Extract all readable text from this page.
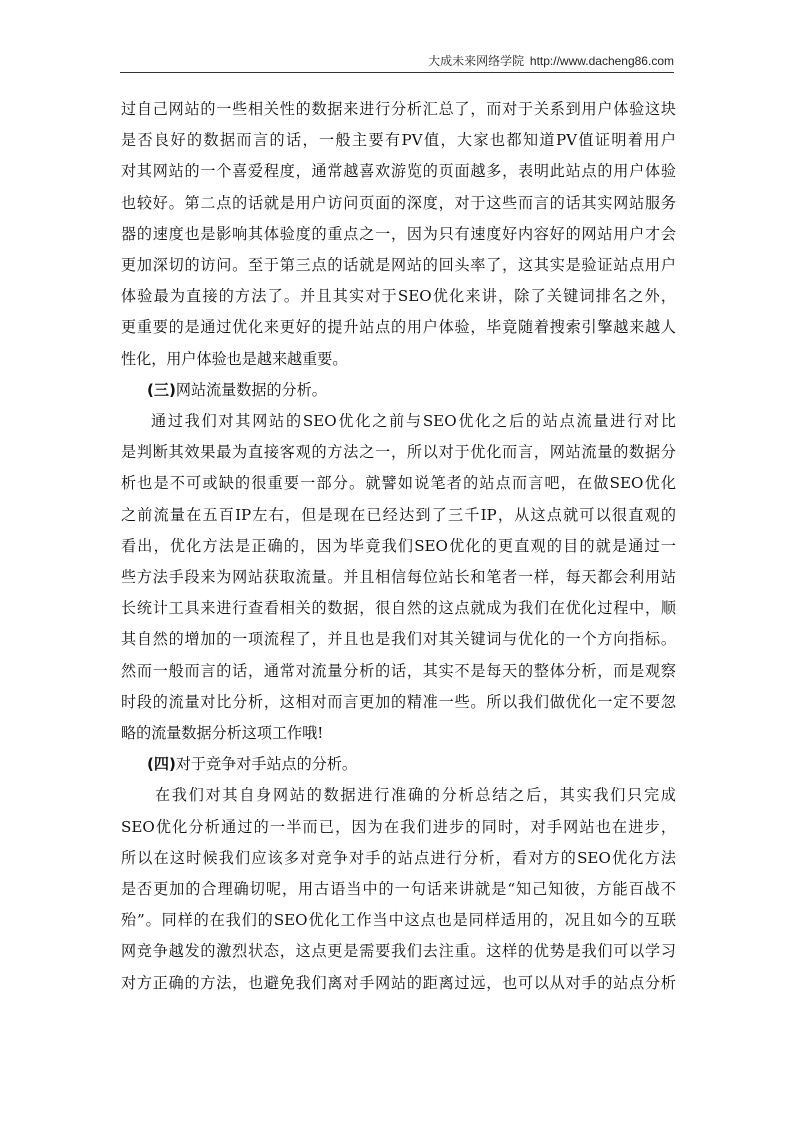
大成未来网络学院 http://www.dacheng86.com
过自己网站的一些相关性的数据来进行分析汇总了，而对于关系到用户体验这块
是否良好的数据而言的话，一般主要有PV值，大家也都知道PV值证明着用户
对其网站的一个喜爱程度，通常越喜欢游览的页面越多，表明此站点的用户体验
也较好。第二点的话就是用户访问页面的深度，对于这些而言的话其实网站服务
器的速度也是影响其体验度的重点之一，因为只有速度好内容好的网站用户才会
更加深切的访问。至于第三点的话就是网站的回头率了，这其实是验证站点用户
体验最为直接的方法了。并且其实对于SEO优化来讲，除了关键词排名之外，
更重要的是通过优化来更好的提升站点的用户体验，毕竟随着搜索引擎越来越人
性化，用户体验也是越来越重要。
(三)网站流量数据的分析。
通过我们对其网站的SEO优化之前与SEO优化之后的站点流量进行对比
是判断其效果最为直接客观的方法之一，所以对于优化而言，网站流量的数据分
析也是不可或缺的很重要一部分。就譬如说笔者的站点而言吧，在做SEO优化
之前流量在五百IP左右，但是现在已经达到了三千IP，从这点就可以很直观的
看出，优化方法是正确的，因为毕竟我们SEO优化的更直观的目的就是通过一
些方法手段来为网站获取流量。并且相信每位站长和笔者一样，每天都会利用站
长统计工具来进行查看相关的数据，很自然的这点就成为我们在优化过程中，顺
其自然的增加的一项流程了，并且也是我们对其关键词与优化的一个方向指标。
然而一般而言的话，通常对流量分析的话，其实不是每天的整体分析，而是观察
时段的流量对比分析，这相对而言更加的精准一些。所以我们做优化一定不要忽
略的流量数据分析这项工作哦!
(四)对于竞争对手站点的分析。
在我们对其自身网站的数据进行准确的分析总结之后，其实我们只完成
SEO优化分析通过的一半而已，因为在我们进步的同时，对手网站也在进步，
所以在这时候我们应该多对竞争对手的站点进行分析，看对方的SEO优化方法
是否更加的合理确切呢，用古语当中的一句话来讲就是“知己知彼，方能百战不
殆”。同样的在我们的SEO优化工作当中这点也是同样适用的，况且如今的互联
网竞争越发的激烈状态，这点更是需要我们去注重。这样的优势是我们可以学习
对方正确的方法，也避免我们离对手网站的距离过远，也可以从对手的站点分析
